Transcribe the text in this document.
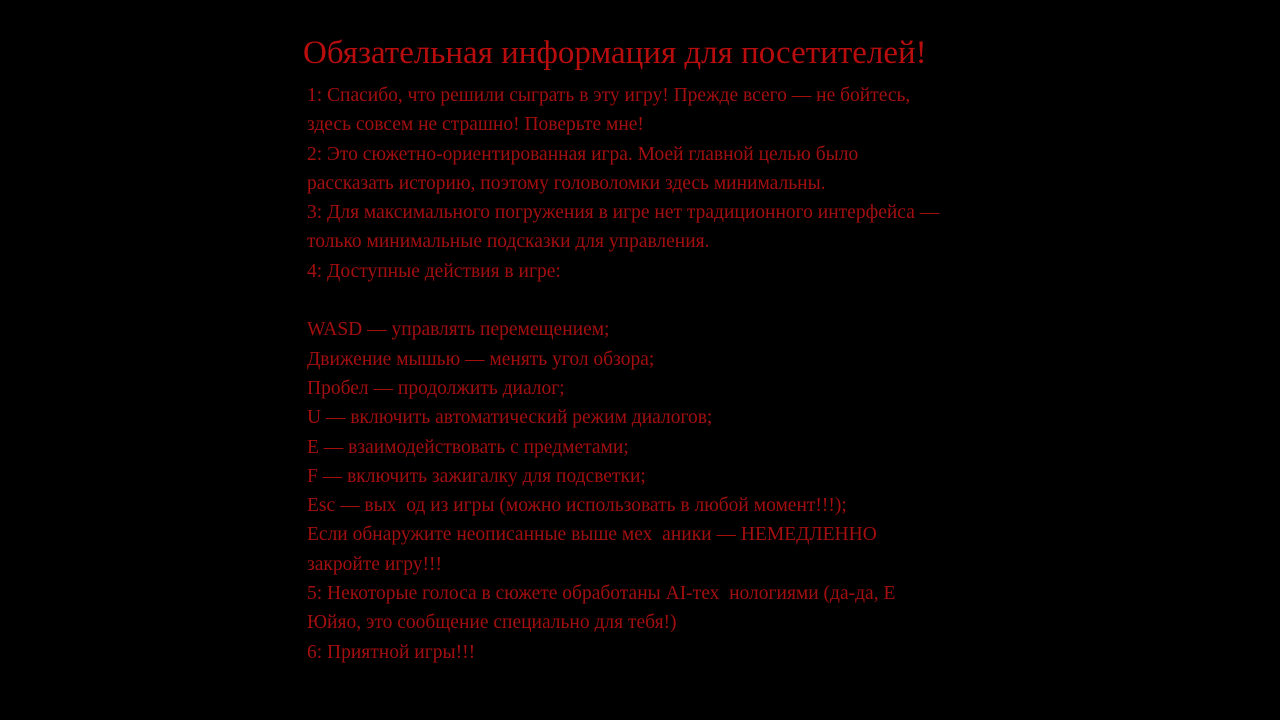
Обязательная информация для посетителей!
1: Спасибо, что решили сыграть в эту игру! Прежде всего — не бойтесь,
здесь совсем не страшно! Поверьте мне!
2: Это сюжетно-ориентированная игра. Моей главной целью было
рассказать историю, поэтому головоломки здесь минимальны.
3: Для максимального погружения в игре нет традиционного интерфейса —
только минимальные подсказки для управления.
4: Доступные действия в игре:
WASD — управлять перемещением;
Движение мышью — менять угол обзора;
Пробел — продолжить диалог;
U — включить автоматический режим диалогов;
E — взаимодействовать с предметами;
F — включить зажигалку для подсветки;
Esc — вых  од из игры (можно использовать в любой момент!!!);
Если обнаружите неописанные выше мех  аники — НЕМЕДЛЕННО
закройте игру!!!
5: Некоторые голоса в сюжете обработаны AI-тех  нологиями (да-да, Е
Юйяо, это сообщение специально для тебя!)
6: Приятной игры!!!
